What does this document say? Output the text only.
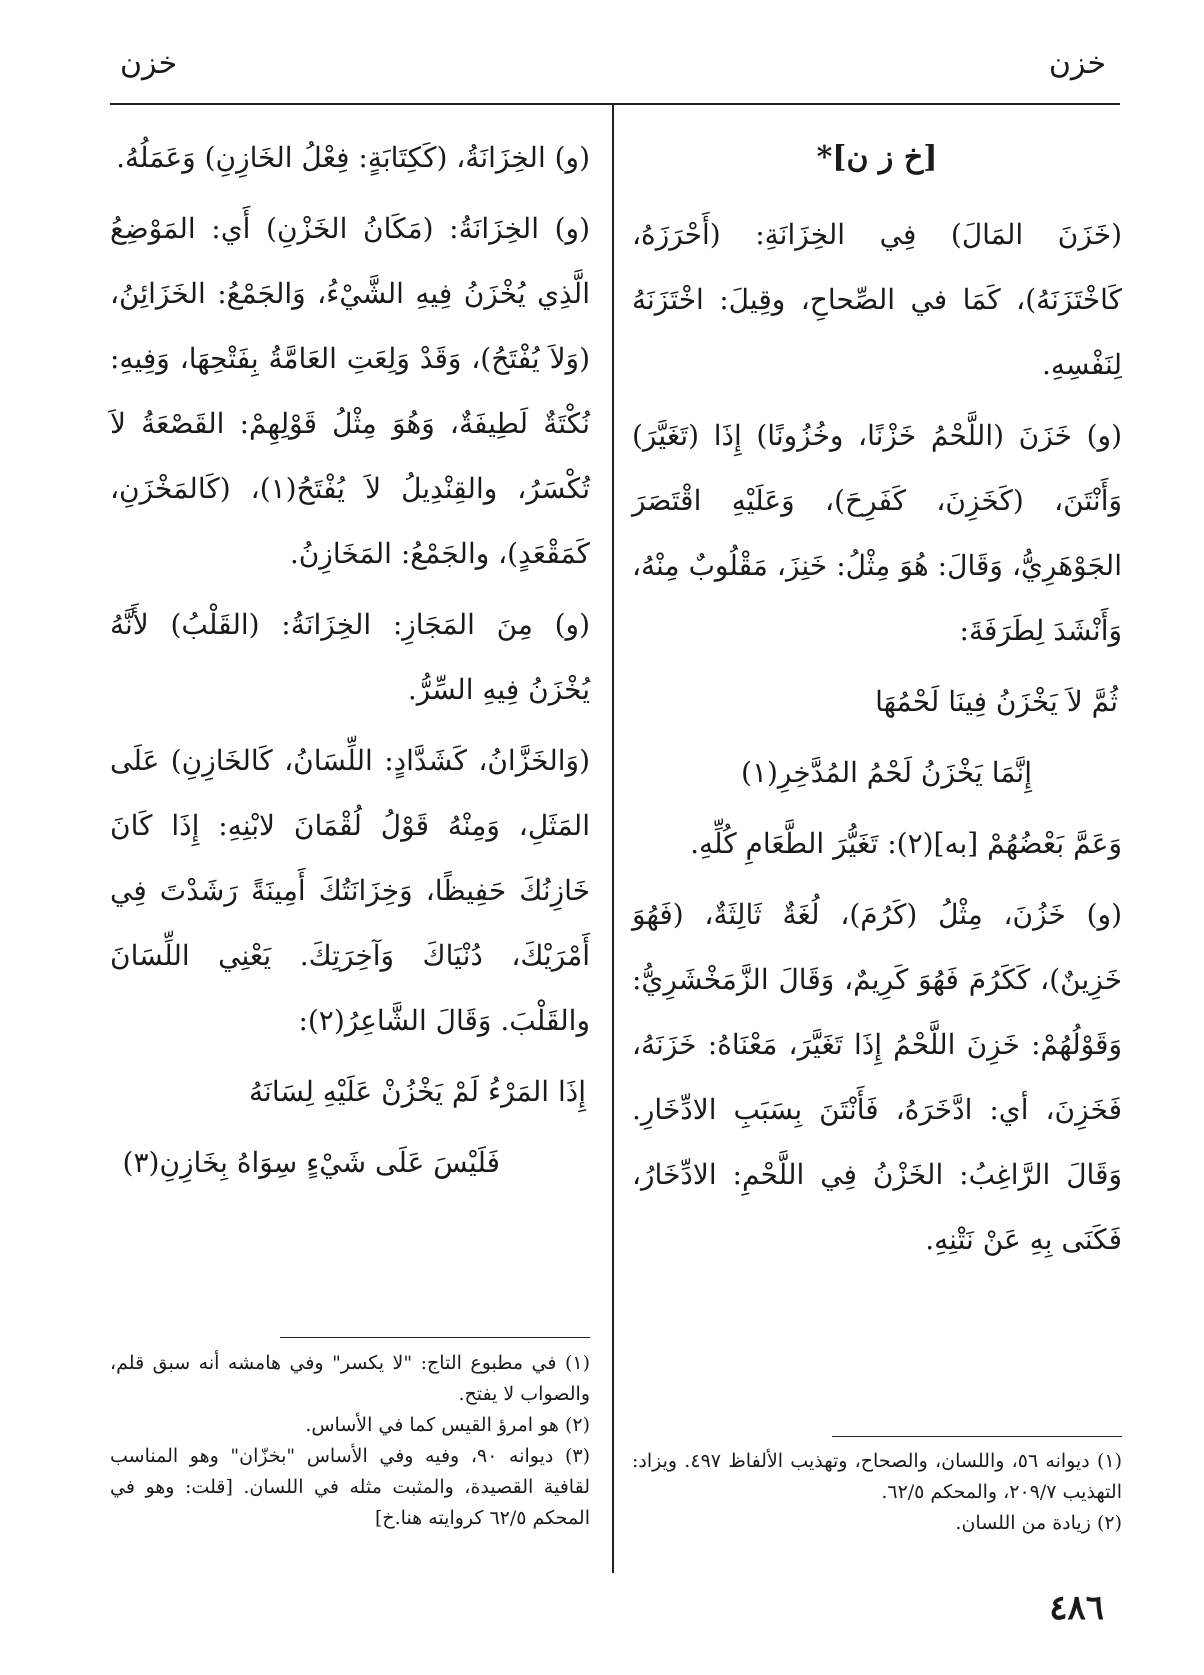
خزن
خزن

[خ ز ن]*

(خَزَنَ المَالَ) فِي الخِزَانَةِ: (أَحْرَزَهُ، كَاخْتَزَنَهُ)، كَمَا في الصِّحاحِ، وقِيلَ: اخْتَزَنَهُ لِنَفْسِهِ.

(و) خَزَنَ (اللَّحْمُ خَزْنًا، وخُزُونًا) إِذَا (تَغَيَّرَ) وَأَنْتَنَ، (كَخَزِنَ، كَفَرِحَ)، وَعَلَيْهِ اقْتَصَرَ الجَوْهَرِيُّ، وَقَالَ: هُوَ مِثْلُ: خَنِزَ، مَقْلُوبٌ مِنْهُ، وَأَنْشَدَ لِطَرَفَةَ:

ثُمَّ لاَ يَخْزَنُ فِينَا لَحْمُهَا

إِنَّمَا يَخْزَنُ لَحْمُ المُدَّخِرِ(١)

وَعَمَّ بَعْضُهُمْ [به](٢): تَغَيُّرَ الطَّعَامِ كُلِّهِ.

(و) خَزُنَ، مِثْلُ (كَرُمَ)، لُغَةٌ ثَالِثَةٌ، (فَهُوَ خَزِينٌ)، كَكَرُمَ فَهُوَ كَرِيمٌ، وَقَالَ الزَّمَخْشَرِيُّ: وَقَوْلُهُمْ: خَزِنَ اللَّحْمُ إِذَا تَغَيَّرَ، مَعْنَاهُ: خَزَنَهُ، فَخَزِنَ، أي: ادَّخَرَهُ، فَأَنْتَنَ بِسَبَبِ الادِّخَارِ. وَقَالَ الرَّاغِبُ: الخَزْنُ فِي اللَّحْمِ: الادِّخَارُ، فَكَنَى بِهِ عَنْ نَتْنِهِ.

(١) ديوانه ٥٦، واللسان، والصحاح، وتهذيب الألفاظ ٤٩٧. ويزاد: التهذيب ٢٠٩/٧، والمحكم ٦٢/٥.

(٢) زيادة من اللسان.

(و) الخِزَانَةُ، (كَكِتَابَةٍ: فِعْلُ الخَازِنِ) وَعَمَلُهُ.

(و) الخِزَانَةُ: (مَكَانُ الخَزْنِ) أَي: المَوْضِعُ الَّذِي يُخْزَنُ فِيهِ الشَّيْءُ، وَالجَمْعُ: الخَزَائِنُ، (وَلاَ يُفْتَحُ)، وَقَدْ وَلِعَتِ العَامَّةُ بِفَتْحِهَا، وَفِيهِ: نُكْتَةٌ لَطِيفَةٌ، وَهُوَ مِثْلُ قَوْلِهِمْ: القَصْعَةُ لاَ تُكْسَرُ، والقِنْدِيلُ لاَ يُفْتَحُ(١)، (كَالمَخْزَنِ، كَمَقْعَدٍ)، والجَمْعُ: المَخَازِنُ.

(و) مِنَ المَجَازِ: الخِزَانَةُ: (القَلْبُ) لأَنَّهُ يُخْزَنُ فِيهِ السِّرُّ.

(وَالخَزَّانُ، كَشَدَّادٍ: اللِّسَانُ، كَالخَازِنِ) عَلَى المَثَلِ، وَمِنْهُ قَوْلُ لُقْمَانَ لابْنِهِ: إِذَا كَانَ خَازِنُكَ حَفِيظًا، وَخِزَانَتُكَ أَمِينَةً رَشَدْتَ فِي أَمْرَيْكَ، دُنْيَاكَ وَآخِرَتِكَ. يَعْنِي اللِّسَانَ والقَلْبَ. وَقَالَ الشَّاعِرُ(٢):

إِذَا المَرْءُ لَمْ يَخْزُنْ عَلَيْهِ لِسَانَهُ

فَلَيْسَ عَلَى شَيْءٍ سِوَاهُ بِخَازِنِ(٣)

(١) في مطبوع التاج: "لا يكسر" وفي هامشه أنه سبق قلم، والصواب لا يفتح.

(٢) هو امرؤ القيس كما في الأساس.

(٣) ديوانه ٩٠، وفيه وفي الأساس "بخزّان" وهو المناسب لقافية القصيدة، والمثبت مثله في اللسان. [قلت: وهو في المحكم ٦٢/٥ كروايته هنا.خ]

٤٨٦
